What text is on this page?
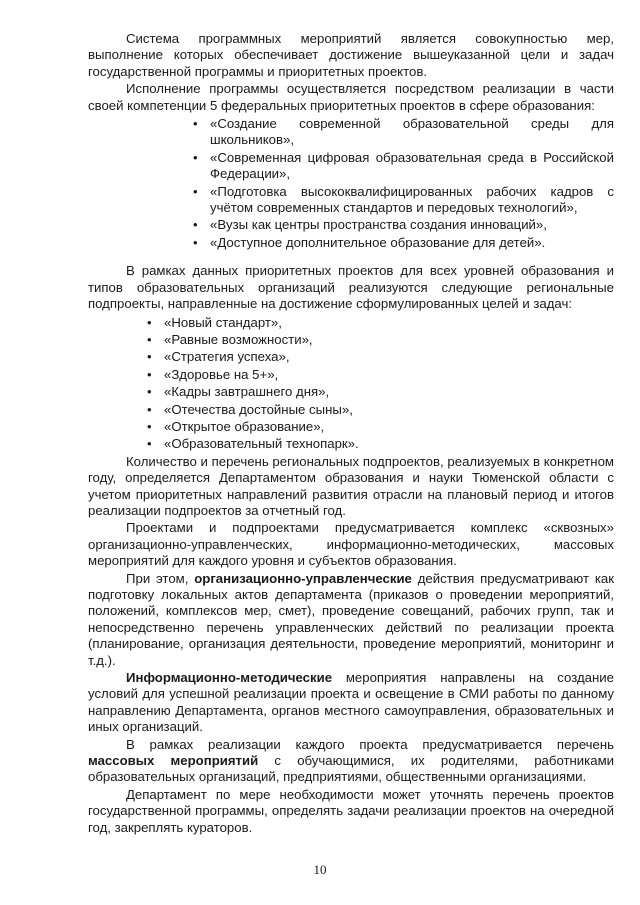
Система программных мероприятий является совокупностью мер, выполнение которых обеспечивает достижение вышеуказанной цели и задач государственной программы и приоритетных проектов.

Исполнение программы осуществляется посредством реализации в части своей компетенции 5 федеральных приоритетных проектов в сфере образования:

• «Создание современной образовательной среды для школьников»,
• «Современная цифровая образовательная среда в Российской Федерации»,
• «Подготовка высококвалифицированных рабочих кадров с учётом современных стандартов и передовых технологий»,
• «Вузы как центры пространства создания инноваций»,
• «Доступное дополнительное образование для детей».

В рамках данных приоритетных проектов для всех уровней образования и типов образовательных организаций реализуются следующие региональные подпроекты, направленные на достижение сформулированных целей и задач:

• «Новый стандарт»,
• «Равные возможности»,
• «Стратегия успеха»,
• «Здоровье на 5+»,
• «Кадры завтрашнего дня»,
• «Отечества достойные сыны»,
• «Открытое образование»,
• «Образовательный технопарк».

Количество и перечень региональных подпроектов, реализуемых в конкретном году, определяется Департаментом образования и науки Тюменской области с учетом приоритетных направлений развития отрасли на плановый период и итогов реализации подпроектов за отчетный год.

Проектами и подпроектами предусматривается комплекс «сквозных» организационно-управленческих, информационно-методических, массовых мероприятий для каждого уровня и субъектов образования.

При этом, организационно-управленческие действия предусматривают как подготовку локальных актов департамента (приказов о проведении мероприятий, положений, комплексов мер, смет), проведение совещаний, рабочих групп, так и непосредственно перечень управленческих действий по реализации проекта (планирование, организация деятельности, проведение мероприятий, мониторинг и т.д.).

Информационно-методические мероприятия направлены на создание условий для успешной реализации проекта и освещение в СМИ работы по данному направлению Департамента, органов местного самоуправления, образовательных и иных организаций.

В рамках реализации каждого проекта предусматривается перечень массовых мероприятий с обучающимися, их родителями, работниками образовательных организаций, предприятиями, общественными организациями.

Департамент по мере необходимости может уточнять перечень проектов государственной программы, определять задачи реализации проектов на очередной год, закреплять кураторов.

10
